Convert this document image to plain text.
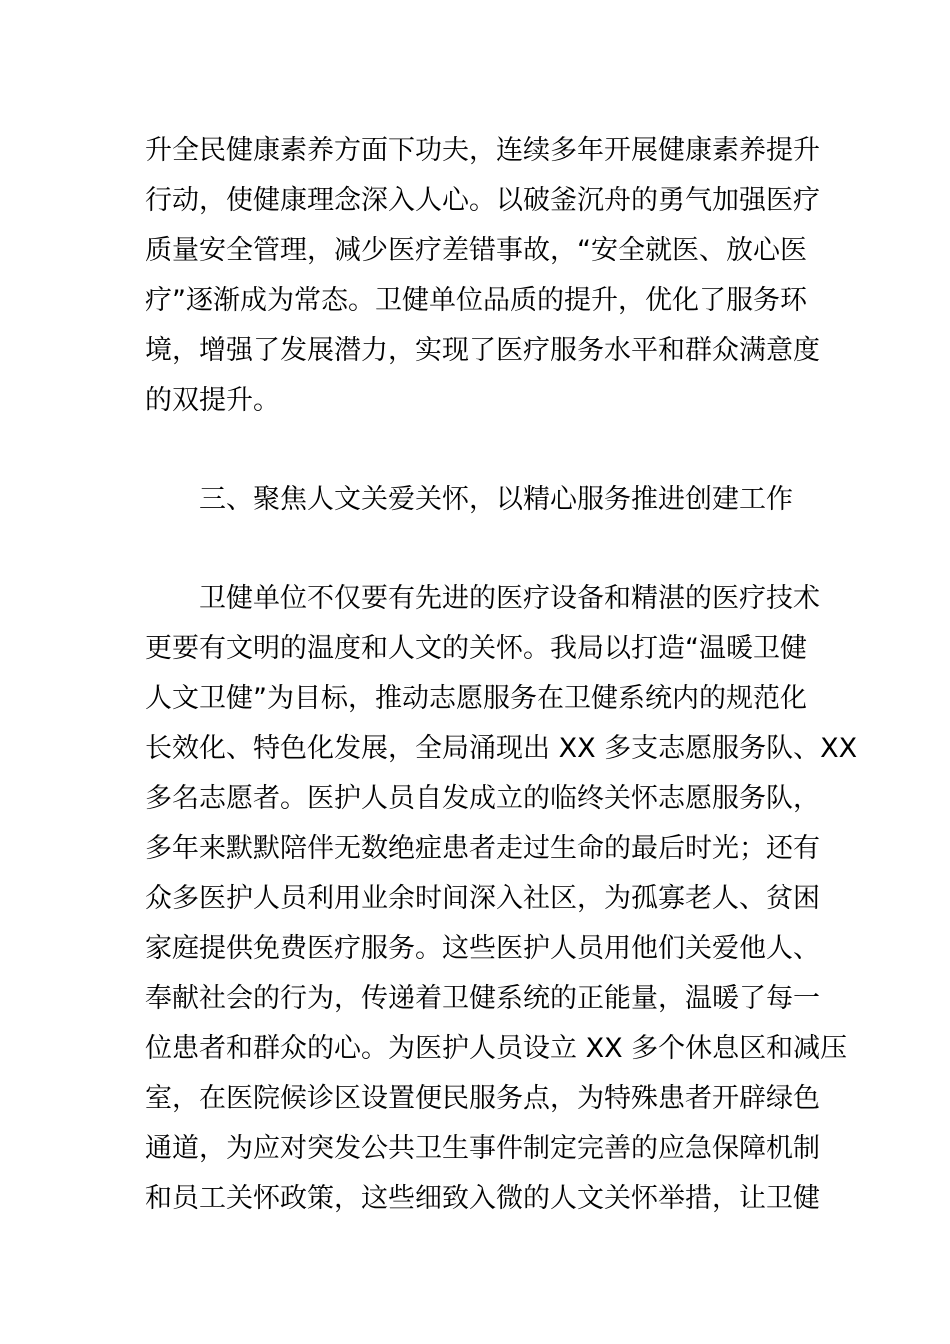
升全民健康素养方面下功夫，连续多年开展健康素养提升
行动，使健康理念深入人心。以破釜沉舟的勇气加强医疗
质量安全管理，减少医疗差错事故，“安全就医、放心医
疗”逐渐成为常态。卫健单位品质的提升，优化了服务环
境，增强了发展潜力，实现了医疗服务水平和群众满意度
的双提升。
三、聚焦人文关爱关怀，以精心服务推进创建工作
卫健单位不仅要有先进的医疗设备和精湛的医疗技术
更要有文明的温度和人文的关怀。我局以打造“温暖卫健
人文卫健”为目标，推动志愿服务在卫健系统内的规范化
长效化、特色化发展，全局涌现出 XX 多支志愿服务队、XX
多名志愿者。医护人员自发成立的临终关怀志愿服务队，
多年来默默陪伴无数绝症患者走过生命的最后时光；还有
众多医护人员利用业余时间深入社区，为孤寡老人、贫困
家庭提供免费医疗服务。这些医护人员用他们关爱他人、
奉献社会的行为，传递着卫健系统的正能量，温暖了每一
位患者和群众的心。为医护人员设立 XX 多个休息区和减压
室，在医院候诊区设置便民服务点，为特殊患者开辟绿色
通道，为应对突发公共卫生事件制定完善的应急保障机制
和员工关怀政策，这些细致入微的人文关怀举措，让卫健
